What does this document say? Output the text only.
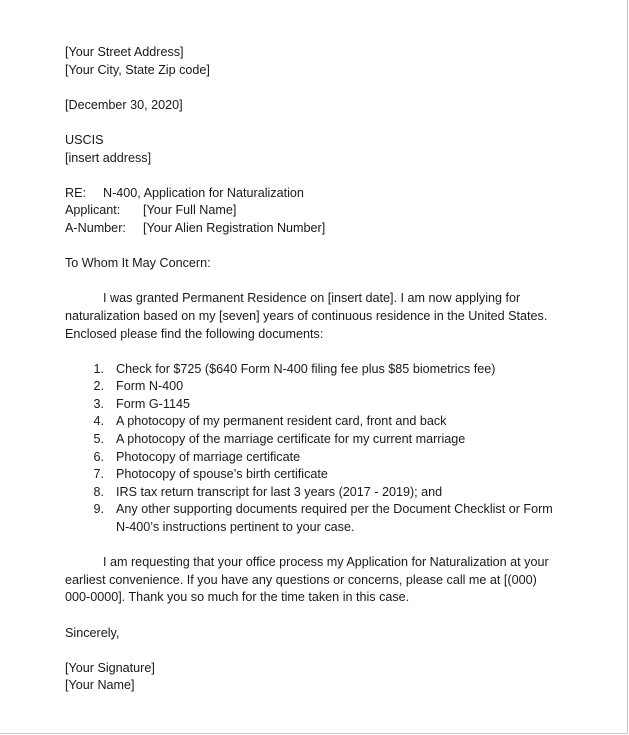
[Your Street Address]
[Your City, State Zip code]
[December 30, 2020]
USCIS
[insert address]
RE:	N-400, Application for Naturalization
Applicant:	[Your Full Name]
A-Number:	[Your Alien Registration Number]
To Whom It May Concern:

I was granted Permanent Residence on [insert date]. I am now applying for naturalization based on my [seven] years of continuous residence in the United States. Enclosed please find the following documents:

1. Check for $725 ($640 Form N-400 filing fee plus $85 biometrics fee)
2. Form N-400
3. Form G-1145
4. A photocopy of my permanent resident card, front and back
5. A photocopy of the marriage certificate for my current marriage
6. Photocopy of marriage certificate
7. Photocopy of spouse’s birth certificate
8. IRS tax return transcript for last 3 years (2017 - 2019); and
9. Any other supporting documents required per the Document Checklist or Form N-400’s instructions pertinent to your case.

I am requesting that your office process my Application for Naturalization at your earliest convenience. If you have any questions or concerns, please call me at [(000) 000-0000]. Thank you so much for the time taken in this case.

Sincerely,
[Your Signature]
[Your Name]
